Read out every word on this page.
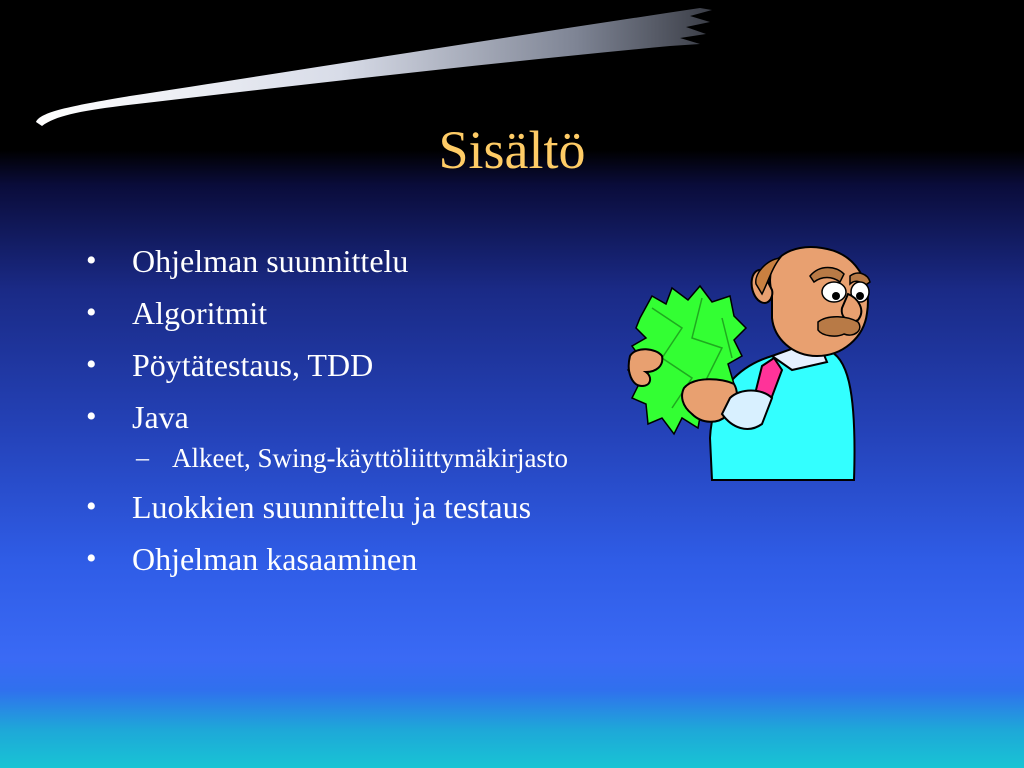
Sisältö
•	Ohjelman suunnittelu
•	Algoritmit
•	Pöytätestaus, TDD
•	Java
– Alkeet, Swing-käyttöliittymäkirjasto
•	Luokkien suunnittelu ja testaus
•	Ohjelman kasaaminen
